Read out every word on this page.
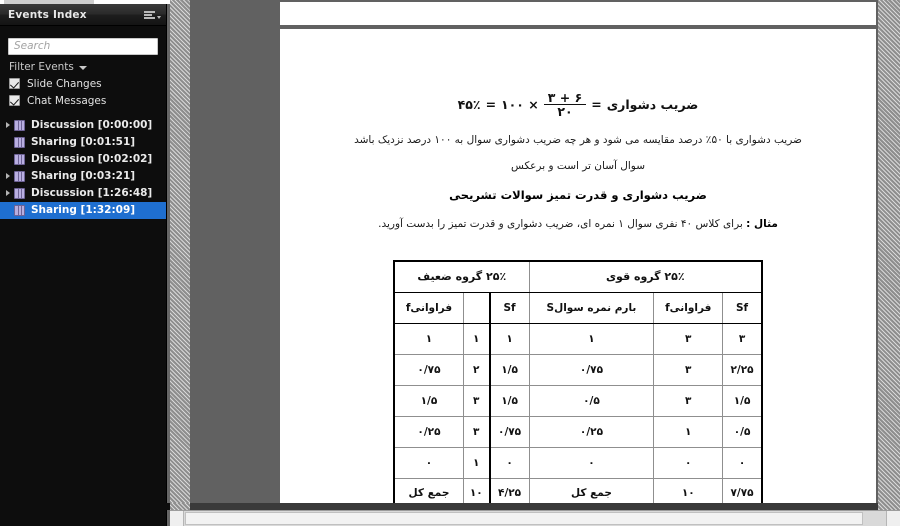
Events Index
Search
Filter Events
Slide Changes
Chat Messages
Discussion [0:00:00]
Sharing [0:01:51]
Discussion [0:02:02]
Sharing [0:03:21]
Discussion [1:26:48]
Sharing [1:32:09]
ضریب دشواری
=
$\frac{۶ + ۳}{۲۰}$
× ۱۰۰
=
۴۵٪
ضریب دشواری با ۵۰٪ درصد مقایسه می شود و هر چه ضریب دشواری سوال به ۱۰۰ درصد نزدیک باشد
سوال آسان تر است و برعکس
ضریب دشواری و قدرت تمیز سوالات تشریحی
مثال : برای کلاس ۴۰ نفری سوال ۱ نمره ای، ضریب دشواری و قدرت تمیز را بدست آورید.
۲۵٪ گروه قوی			۲۵٪ گروه ضعیف		
Sf	فراوانیf	بارم نمره سوالS	Sf		فراوانیf
۳	۳	۱	۱	۱	۱
۲/۲۵	۳	۰/۷۵	۱/۵	۲	۰/۷۵
۱/۵	۳	۰/۵	۱/۵	۳	۱/۵
۰/۵	۱	۰/۲۵	۰/۷۵	۳	۰/۲۵
۰	۰	۰	۰	۱	۰
۷/۷۵	۱۰	جمع کل	۴/۲۵	۱۰	جمع کل
